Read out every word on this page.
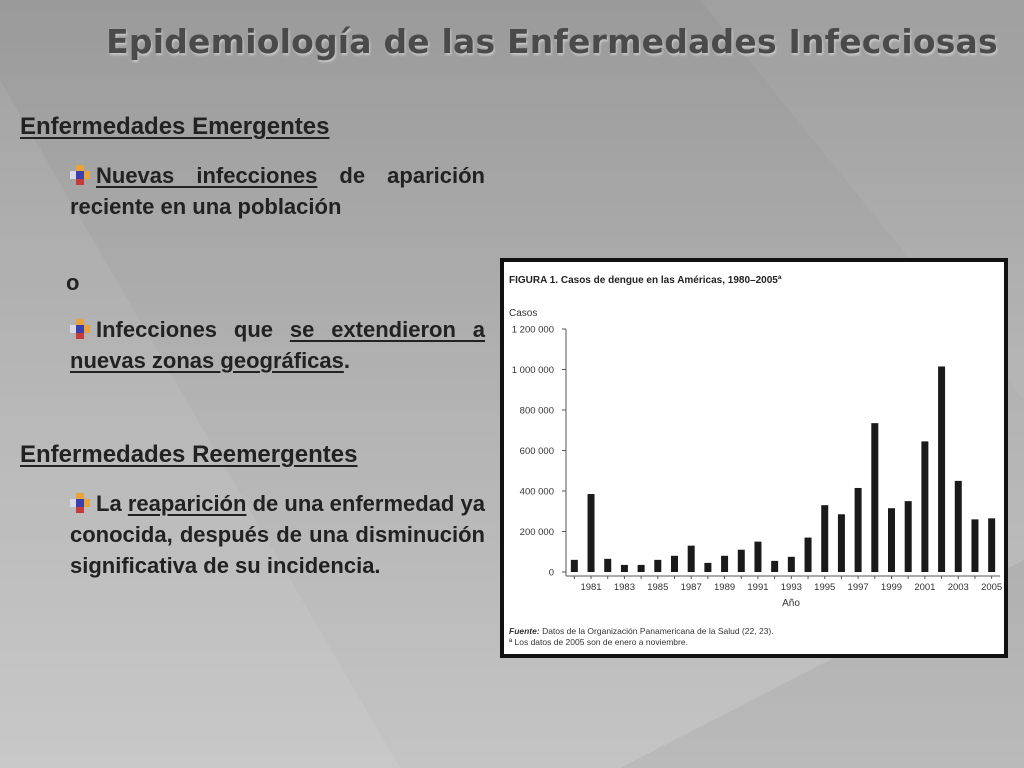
Epidemiología de las Enfermedades Infecciosas
Enfermedades Emergentes
Nuevas infecciones de aparición reciente en una población
o
Infecciones que se extendieron a nuevas zonas geográficas.
Enfermedades Reemergentes
La reaparición de una enfermedad ya conocida, después de una disminución significativa de su incidencia.
FIGURA 1. Casos de dengue en las Américas, 1980–2005ª
Casos
0
200 000
400 000
600 000
800 000
1 000 000
1 200 000
1981 1983 1985 1987 1989 1991 1993 1995 1997 1999 2001 2003 2005
Año
Fuente: Datos de la Organización Panamericana de la Salud (22, 23).
ª Los datos de 2005 son de enero a noviembre.
